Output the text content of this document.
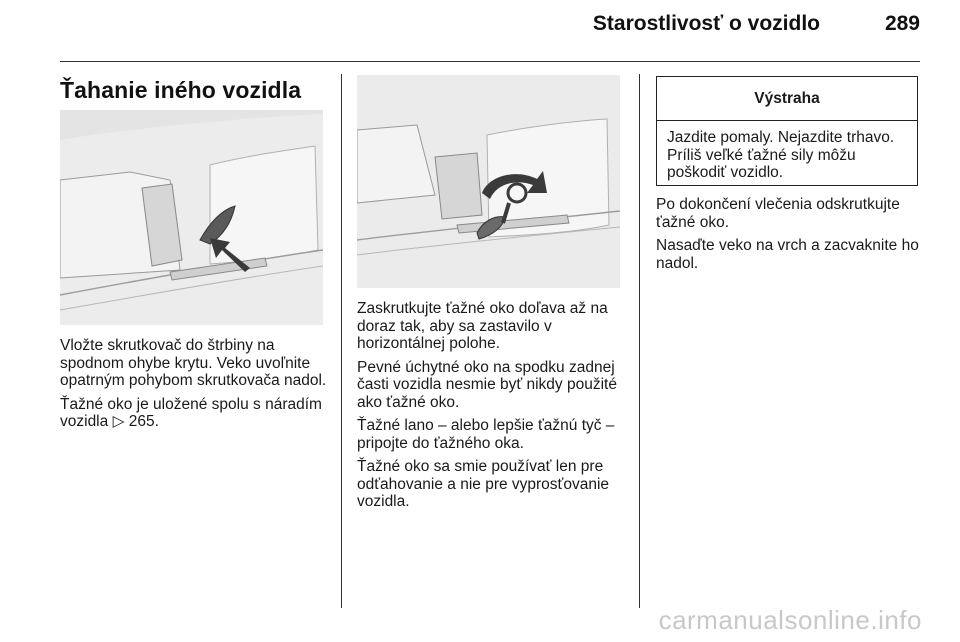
Starostlivosť o vozidlo	289
Ťahanie iného vozidla

Vložte skrutkovač do štrbiny na spodnom ohybe krytu. Veko uvoľnite opatrným pohybom skrutkovača nadol.

Ťažné oko je uložené spolu s náradím vozidla ▷ 265.

Zaskrutkujte ťažné oko doľava až na doraz tak, aby sa zastavilo v horizontálnej polohe.

Pevné úchytné oko na spodku zadnej časti vozidla nesmie byť nikdy použité ako ťažné oko.

Ťažné lano – alebo lepšie ťažnú tyč – pripojte do ťažného oka.

Ťažné oko sa smie používať len pre odťahovanie a nie pre vyprosťovanie vozidla.

Výstraha
Jazdite pomaly. Nejazdite trhavo. Príliš veľké ťažné sily môžu poškodiť vozidlo.

Po dokončení vlečenia odskrutkujte ťažné oko.

Nasaďte veko na vrch a zacvaknite ho nadol.

carmanualsonline.info
